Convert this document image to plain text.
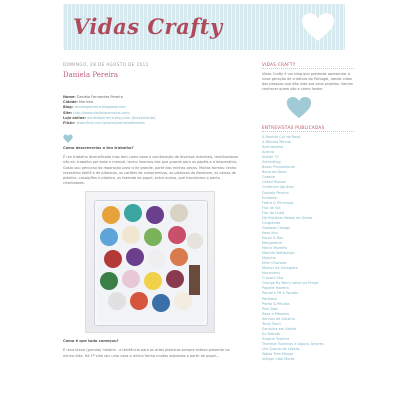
Vidas Crafty
DOMINGO, 28 DE AGOSTO DE 2011
Daniela Pereira
Nome: Daniela Fernandes Pereira
Cidade: Marinha
Blog: danielaperreira.blogspot.com
Site: http://www.danielaperreira.com/
Loja online: danielaperreira.etsy.com (brevemente)
Flickr: www.flickr.com/photos/danieladetalhes
Como descreverias o teu trabalho?
É um trabalho diversificado mas tem como base a combinação de diversos materiais, reutilizadores não só, trabalho por base e manual, tenho imensos dos que guarda para os papéis e o desperdício. Gosto sou percurso do reparação para criar grande, porte das minhas peças. Muitas formas: tenho revestirdo ateliê e de plásticos, os cartões de compromisso, os plásticos do Bombom, os caixas de plástico, casais/fles e plástico, os fazenda do papel, entre outros, que transformo o ponto criatividade.
Como é que tudo começou?
É uma breve (grande) história - a tendência para os artes plásticas sempre esteve presente na minha vida. Há 1ª vida seu uma casa a minha forma muitas adorados a partir de papel...
VIDAS CRAFTY
Vidas Crafty é um blog que pretende apresentar a nova geração de criativos do Portugal, dando vidas das pessoas que dão vida aos seus projetos. Vamos conhecer quem são e como fazem.
ENTREVISTAS PUBLICADAS
A Bonitta Cor de Rosa
A Menina Minnie
Acervorama
Acerva
Atelier 37
Serendilog
Bazar Pimpampum
Bona de Bona
Cabelle
Cesari Bonsai
Cerâmica Agulhas
Daniela Pereira
Emibenn
Feltra & Princesas
Flor de Sol
Flor do Lisbó
Há Histórias Bebas de Gema
Gingtendo
Gostosa Crewgir
Kees Kou
Kaulo & Ron
Margareida
Martir Morelhs
Matilde Waldborgo
Mojinho
Nimi Chocolat
Mulher de Gemgibre
Nocanimis
O Acorn Viol
Orange By Barry salvo od Prega
Papelle Moreira
Pardal e Pé à Pocado
Peribose
Pierto & Pérolas
Pink Bow
Rosa e Mboolas
Sonhos de Gonilha
Tecin Tecin
Santinha em Atelier
Eu Retrato
Susano Teixeira
Therese: Bonecas e Alguns Amores
Um Quarto de Lássas
Watta Trea Mouse
Vidigor Vital Morta
